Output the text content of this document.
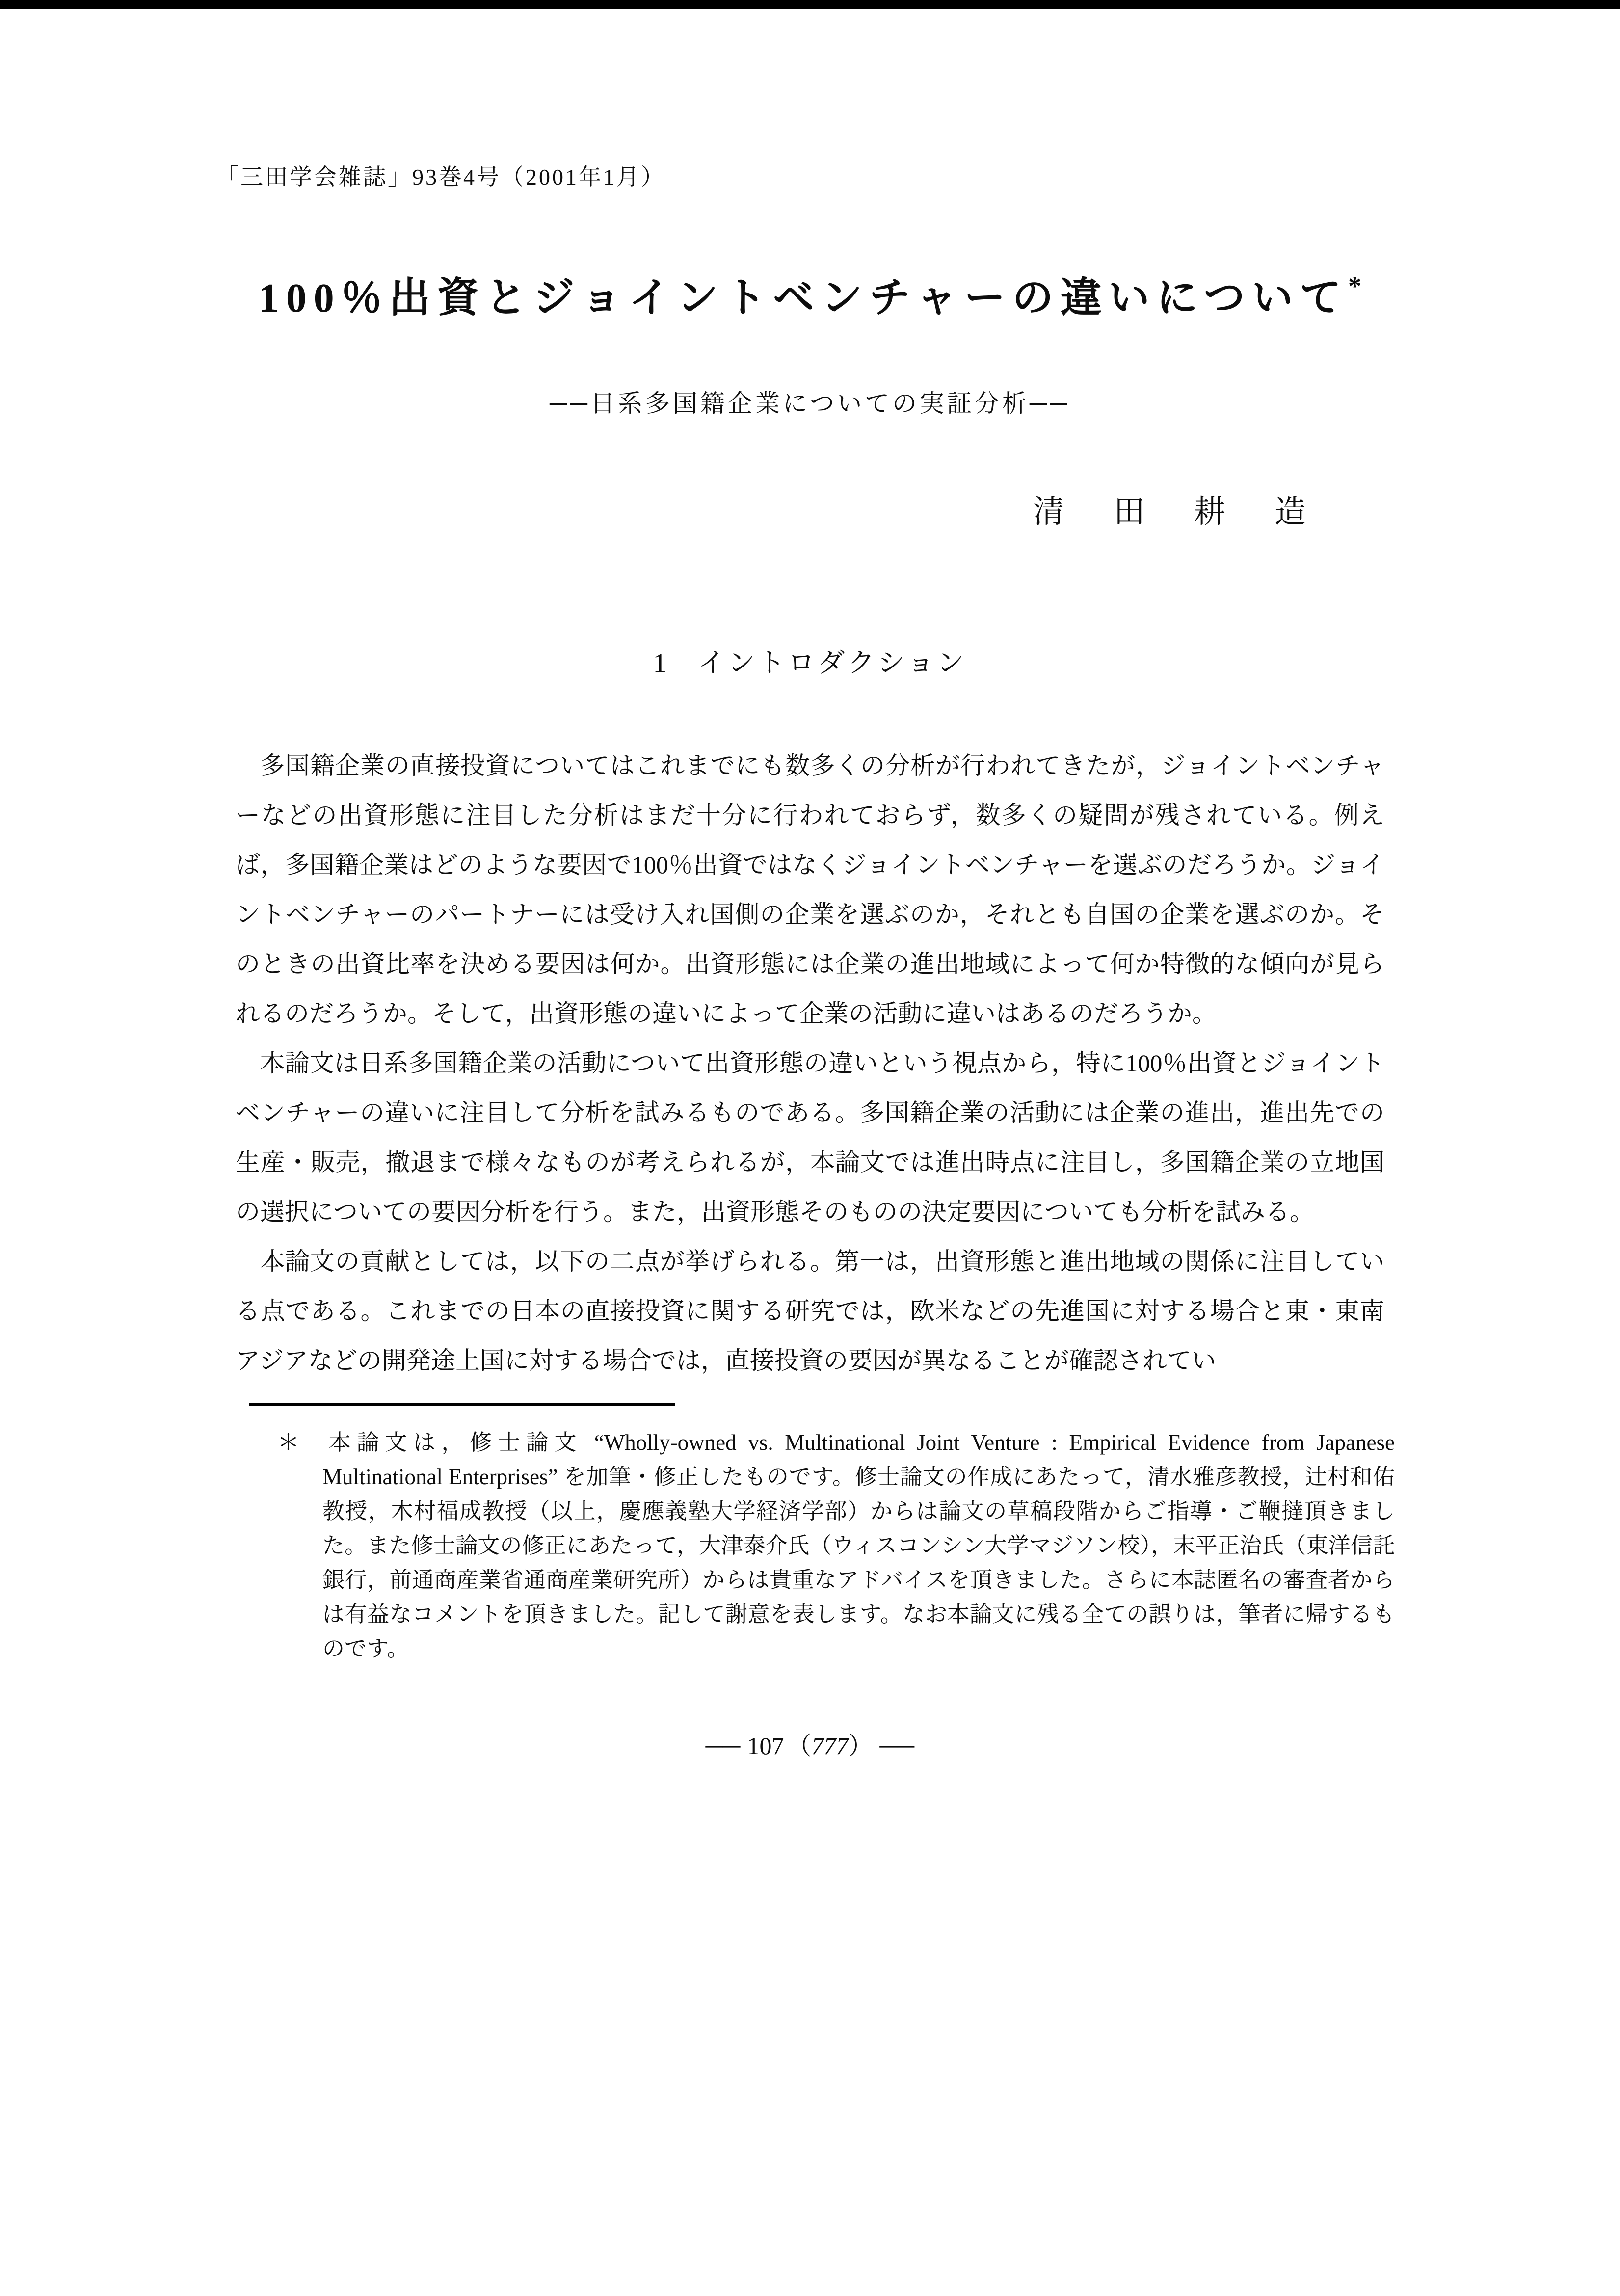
「三田学会雑誌」93巻4号（2001年1月）
100％出資とジョイントベンチャーの違いについて*
──日系多国籍企業についての実証分析──
清田耕造
1 イントロダクション

多国籍企業の直接投資についてはこれまでにも数多くの分析が行われてきたが，ジョイントベンチャーなどの出資形態に注目した分析はまだ十分に行われておらず，数多くの疑問が残されている。例えば，多国籍企業はどのような要因で100％出資ではなくジョイントベンチャーを選ぶのだろうか。ジョイントベンチャーのパートナーには受け入れ国側の企業を選ぶのか，それとも自国の企業を選ぶのか。そのときの出資比率を決める要因は何か。出資形態には企業の進出地域によって何か特徴的な傾向が見られるのだろうか。そして，出資形態の違いによって企業の活動に違いはあるのだろうか。

本論文は日系多国籍企業の活動について出資形態の違いという視点から，特に100％出資とジョイントベンチャーの違いに注目して分析を試みるものである。多国籍企業の活動には企業の進出，進出先での生産・販売，撤退まで様々なものが考えられるが，本論文では進出時点に注目し，多国籍企業の立地国の選択についての要因分析を行う。また，出資形態そのものの決定要因についても分析を試みる。

本論文の貢献としては，以下の二点が挙げられる。第一は，出資形態と進出地域の関係に注目している点である。これまでの日本の直接投資に関する研究では，欧米などの先進国に対する場合と東・東南アジアなどの開発途上国に対する場合では，直接投資の要因が異なることが確認されてい

＊ 本論文は，修士論文 “Wholly-owned vs. Multinational Joint Venture : Empirical Evidence from Japanese Multinational Enterprises” を加筆・修正したものです。修士論文の作成にあたって，清水雅彦教授，辻村和佑教授，木村福成教授（以上，慶應義塾大学経済学部）からは論文の草稿段階からご指導・ご鞭撻頂きました。また修士論文の修正にあたって，大津泰介氏（ウィスコンシン大学マジソン校），末平正治氏（東洋信託銀行，前通商産業省通商産業研究所）からは貴重なアドバイスを頂きました。さらに本誌匿名の審査者からは有益なコメントを頂きました。記して謝意を表します。なお本論文に残る全ての誤りは，筆者に帰するものです。
── 107 （777） ──
